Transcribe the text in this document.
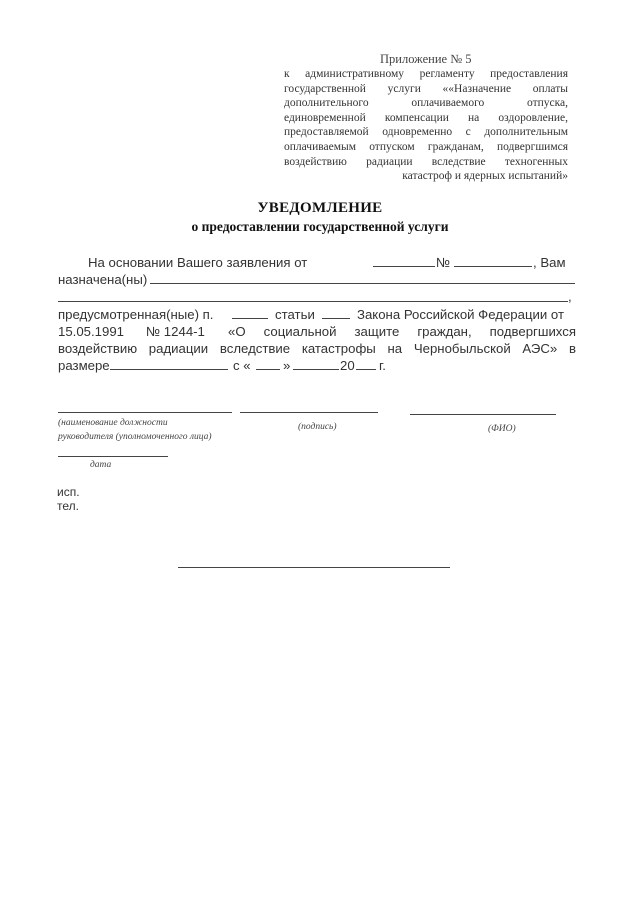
Приложение № 5
к административному регламенту предоставления
государственной услуги ««Назначение оплаты
дополнительного оплачиваемого отпуска,
единовременной компенсации на оздоровление,
предоставляемой одновременно с дополнительным
оплачиваемым отпуском гражданам, подвергшимся
воздействию радиации вследствие техногенных
катастроф и ядерных испытаний»
УВЕДОМЛЕНИЕ
о предоставлении государственной услуги
На основании Вашего заявления от	№	, Вам
назначена(ны)
,
предусмотренная(ные) п.	статьи	Закона Российской Федерации от
15.05.1991 № 1244-1 «О социальной защите граждан, подвергшихся
воздействию радиации вследствие катастрофы на Чернобыльской АЭС» в
размере	с « »	20 г.
(наименование должности
руководителя (уполномоченного лица)
(подпись)	(ФИО)
дата
исп.
тел.
